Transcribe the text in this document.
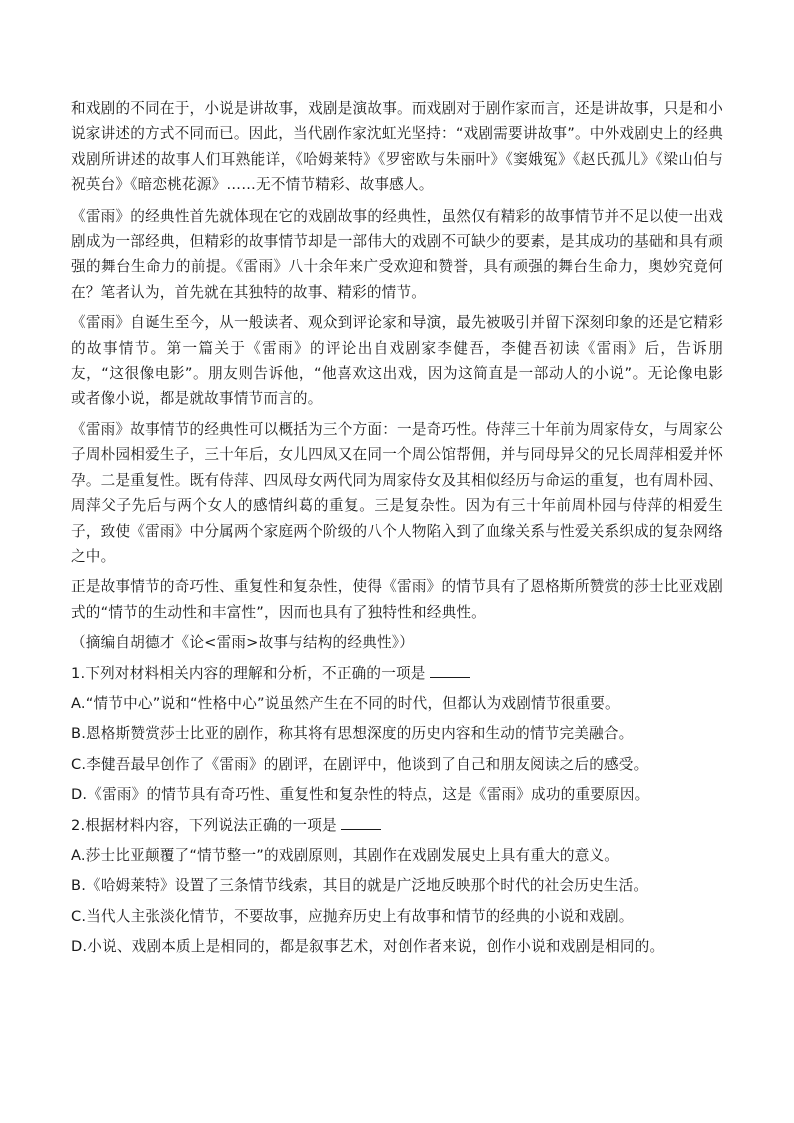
和戏剧的不同在于，小说是讲故事，戏剧是演故事。而戏剧对于剧作家而言，还是讲故事，只是和小说家讲述的方式不同而已。因此，当代剧作家沈虹光坚持：“戏剧需要讲故事”。中外戏剧史上的经典戏剧所讲述的故事人们耳熟能详，《哈姆莱特》《罗密欧与朱丽叶》《窦娥冤》《赵氏孤儿》《梁山伯与祝英台》《暗恋桃花源》……无不情节精彩、故事感人。

《雷雨》的经典性首先就体现在它的戏剧故事的经典性，虽然仅有精彩的故事情节并不足以使一出戏剧成为一部经典，但精彩的故事情节却是一部伟大的戏剧不可缺少的要素，是其成功的基础和具有顽强的舞台生命力的前提。《雷雨》八十余年来广受欢迎和赞誉，具有顽强的舞台生命力，奥妙究竟何在？笔者认为，首先就在其独特的故事、精彩的情节。

《雷雨》自诞生至今，从一般读者、观众到评论家和导演，最先被吸引并留下深刻印象的还是它精彩的故事情节。第一篇关于《雷雨》的评论出自戏剧家李健吾，李健吾初读《雷雨》后，告诉朋友，“这很像电影”。朋友则告诉他，“他喜欢这出戏，因为这简直是一部动人的小说”。无论像电影或者像小说，都是就故事情节而言的。

《雷雨》故事情节的经典性可以概括为三个方面：一是奇巧性。侍萍三十年前为周家侍女，与周家公子周朴园相爱生子，三十年后，女儿四凤又在同一个周公馆帮佣，并与同母异父的兄长周萍相爱并怀孕。二是重复性。既有侍萍、四凤母女两代同为周家侍女及其相似经历与命运的重复，也有周朴园、周萍父子先后与两个女人的感情纠葛的重复。三是复杂性。因为有三十年前周朴园与侍萍的相爱生子，致使《雷雨》中分属两个家庭两个阶级的八个人物陷入到了血缘关系与性爱关系织成的复杂网络之中。

正是故事情节的奇巧性、重复性和复杂性，使得《雷雨》的情节具有了恩格斯所赞赏的莎士比亚戏剧式的“情节的生动性和丰富性”，因而也具有了独特性和经典性。

（摘编自胡德才《论<雷雨>故事与结构的经典性》）

1.下列对材料相关内容的理解和分析，不正确的一项是

A.“情节中心”说和“性格中心”说虽然产生在不同的时代，但都认为戏剧情节很重要。

B.恩格斯赞赏莎士比亚的剧作，称其将有思想深度的历史内容和生动的情节完美融合。

C.李健吾最早创作了《雷雨》的剧评，在剧评中，他谈到了自己和朋友阅读之后的感受。

D.《雷雨》的情节具有奇巧性、重复性和复杂性的特点，这是《雷雨》成功的重要原因。

2.根据材料内容，下列说法正确的一项是

A.莎士比亚颠覆了“情节整一”的戏剧原则，其剧作在戏剧发展史上具有重大的意义。

B.《哈姆莱特》设置了三条情节线索，其目的就是广泛地反映那个时代的社会历史生活。

C.当代人主张淡化情节，不要故事，应抛弃历史上有故事和情节的经典的小说和戏剧。

D.小说、戏剧本质上是相同的，都是叙事艺术，对创作者来说，创作小说和戏剧是相同的。
